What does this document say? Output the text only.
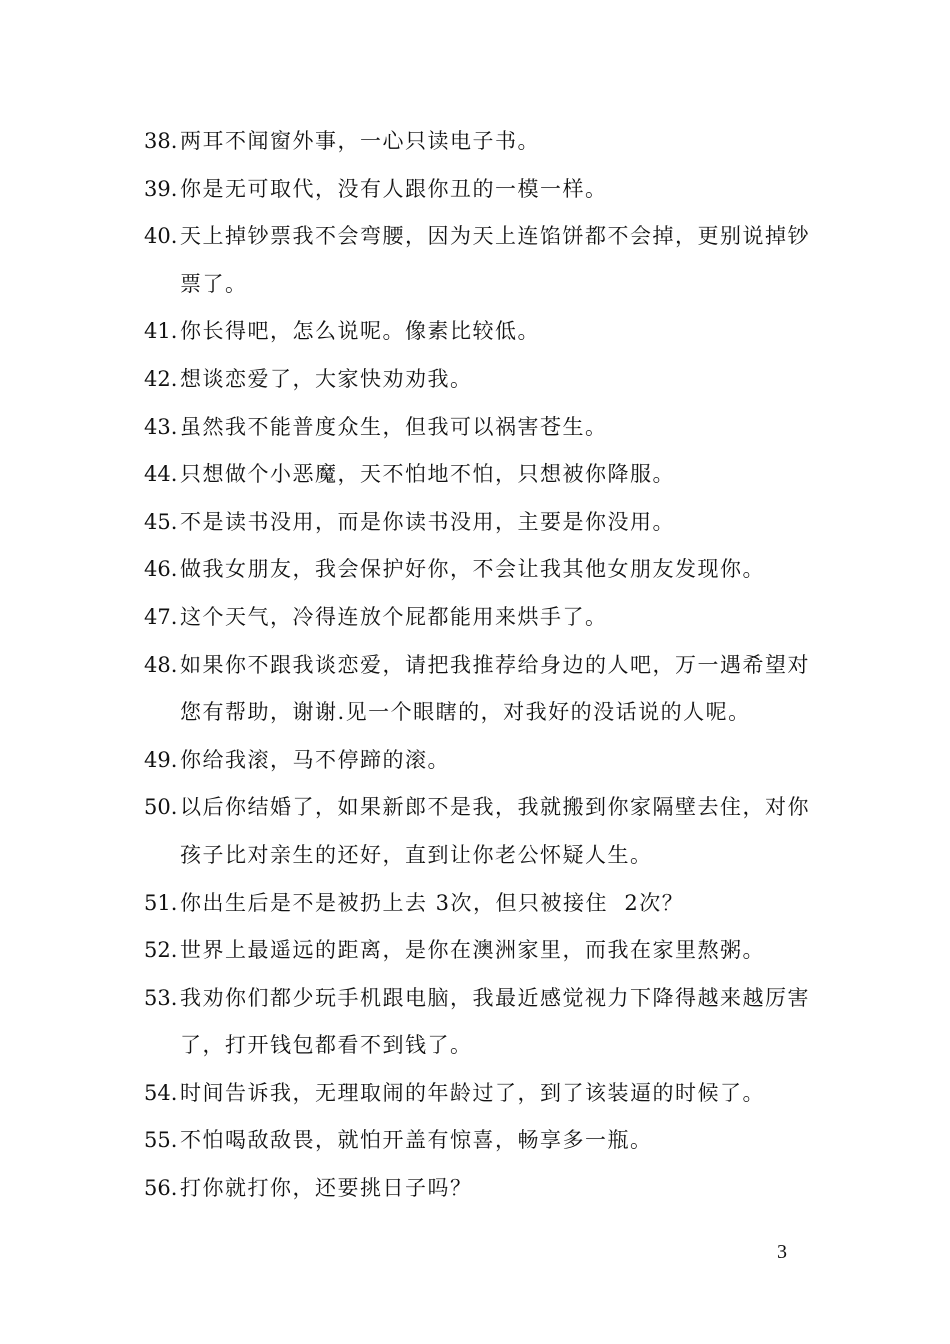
38. 两耳不闻窗外事，一心只读电子书。

39. 你是无可取代，没有人跟你丑的一模一样。

40. 天上掉钞票我不会弯腰，因为天上连馅饼都不会掉，更别说掉钞票了。

41. 你长得吧，怎么说呢。像素比较低。

42. 想谈恋爱了，大家快劝劝我。

43. 虽然我不能普度众生，但我可以祸害苍生。

44. 只想做个小恶魔，天不怕地不怕，只想被你降服。

45. 不是读书没用，而是你读书没用，主要是你没用。

46. 做我女朋友，我会保护好你，不会让我其他女朋友发现你。

47. 这个天气，冷得连放个屁都能用来烘手了。

48. 如果你不跟我谈恋爱，请把我推荐给身边的人吧，万一遇希望对您有帮助，谢谢.见一个眼瞎的，对我好的没话说的人呢。

49. 你给我滚，马不停蹄的滚。

50. 以后你结婚了，如果新郎不是我，我就搬到你家隔壁去住，对你孩子比对亲生的还好，直到让你老公怀疑人生。

51. 你出生后是不是被扔上去 3次，但只被接住  2次？

52. 世界上最遥远的距离，是你在澳洲家里，而我在家里熬粥。

53. 我劝你们都少玩手机跟电脑，我最近感觉视力下降得越来越厉害了，打开钱包都看不到钱了。

54. 时间告诉我，无理取闹的年龄过了，到了该装逼的时候了。

55. 不怕喝敌敌畏，就怕开盖有惊喜，畅享多一瓶。

56. 打你就打你，还要挑日子吗？

3
